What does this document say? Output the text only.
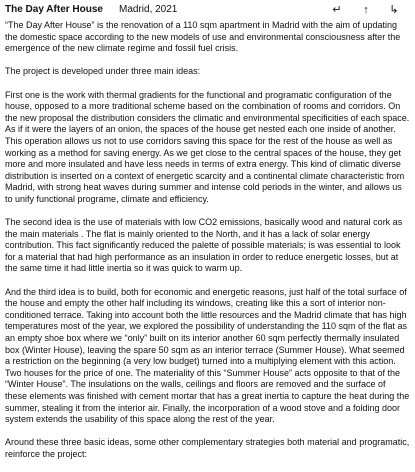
The Day After House Madrid, 2021	↵	↑	↳

“The Day After House” is the renovation of a 110 sqm apartment in Madrid with the aim of updating the domestic space according to the new models of use and environmental consciousness after the emergence of the new climate regime and fossil fuel crisis.

The project is developed under three main ideas:

First one is the work with thermal gradients for the functional and programatic configuration of the house, opposed to a more traditional scheme based on the combination of rooms and corridors. On the new proposal the distribution considers the climatic and environmental specificities of each space. As if it were the layers of an onion, the spaces of the house get nested each one inside of another. This operation allows us not to use corridors saving this space for the rest of the house as well as working as a method for saving energy. As we get close to the central spaces of the house, they get more and more insulated and have less needs in terms of extra energy. This kind of climatic diverse distribution is inserted on a context of energetic scarcity and a continental climate characteristic from Madrid, with strong heat waves during summer and intense cold periods in the winter, and allows us to unify functional programe, climate and efficiency.

The second idea is the use of materials with low CO2 emissions, basically wood and natural cork as the main materials . The flat is mainly oriented to the North, and it has a lack of solar energy contribution. This fact significantly reduced the palette of possible materials; is was essential to look for a material that had high performance as an insulation in order to reduce energetic losses, but at the same time it had little inertia so it was quick to warm up.

And the third idea is to build, both for economic and energetic reasons, just half of the total surface of the house and empty the other half including its windows, creating like this a sort of interior non-conditioned terrace. Taking into account both the little resources and the Madrid climate that has high temperatures most of the year, we explored the possibility of understanding the 110 sqm of the flat as an empty shoe box where we “only” built on its interior another 60 sqm perfectly thermally insulated box (Winter House), leaving the spare 50 sqm as an interior terrace (Summer House). What seemed a restriction on the beginning (a very low budget) turned into a multiplying element with this action. Two houses for the price of one. The materiality of this “Summer House” acts opposite to that of the “Winter House”. The insulations on the walls, ceilings and floors are removed and the surface of these elements was finished with cement mortar that has a great inertia to capture the heat during the summer, stealing it from the interior air. Finally, the incorporation of a wood stove and a folding door system extends the usability of this space along the rest of the year.

Around these three basic ideas, some other complementary strategies both material and programatic, reinforce the project:
